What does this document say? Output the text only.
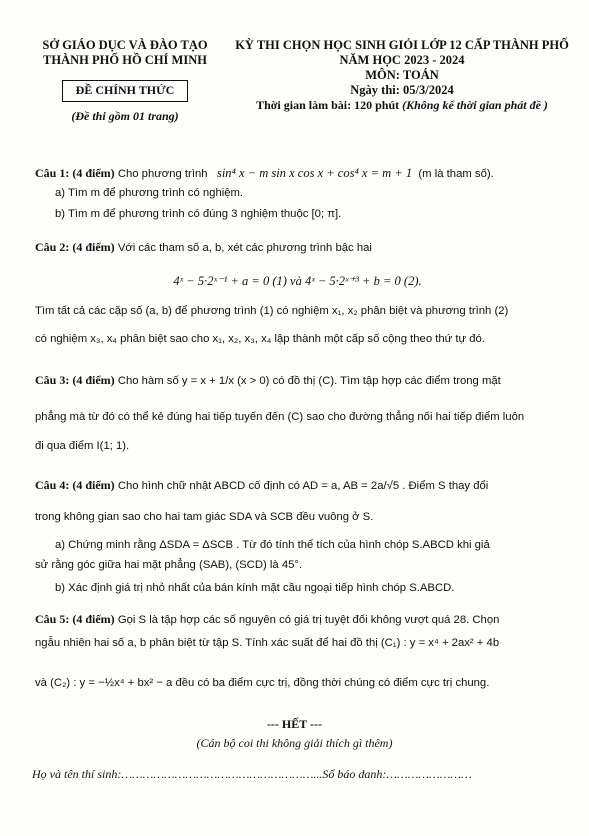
SỞ GIÁO DỤC VÀ ĐÀO TẠO
THÀNH PHỐ HỒ CHÍ MINH
ĐỀ CHÍNH THỨC
(Đề thi gồm 01 trang)
KỲ THI CHỌN HỌC SINH GIỎI LỚP 12 CẤP THÀNH PHỐ
NĂM HỌC 2023 - 2024
MÔN: TOÁN
Ngày thi: 05/3/2024
Thời gian làm bài: 120 phút (Không kể thời gian phát đề )
Câu 1: (4 điểm) Cho phương trình sin⁴ x − m sin x cos x + cos⁴ x = m + 1 (m là tham số).
a) Tìm m để phương trình có nghiệm.
b) Tìm m để phương trình có đúng 3 nghiệm thuộc [0; π].
Câu 2: (4 điểm) Với các tham số a, b, xét các phương trình bậc hai
4ˣ − 5·2ˣ⁻¹ + a = 0 (1) và 4ˣ − 5·2ˣ⁺³ + b = 0 (2).
Tìm tất cả các cặp số (a, b) để phương trình (1) có nghiệm x₁, x₂ phân biệt và phương trình (2)
có nghiệm x₃, x₄ phân biệt sao cho x₁, x₂, x₃, x₄ lập thành một cấp số cộng theo thứ tự đó.
Câu 3: (4 điểm) Cho hàm số y = x + 1/x (x > 0) có đồ thị (C). Tìm tập hợp các điểm trong mặt
phẳng mà từ đó có thể kẻ đúng hai tiếp tuyến đến (C) sao cho đường thẳng nối hai tiếp điểm luôn
đi qua điểm I(1; 1).
Câu 4: (4 điểm) Cho hình chữ nhật ABCD cố định có AD = a, AB = 2a/√5 . Điểm S thay đổi
trong không gian sao cho hai tam giác SDA và SCB đều vuông ở S.
a) Chứng minh rằng ΔSDA = ΔSCB . Từ đó tính thể tích của hình chóp S.ABCD khi giả
sử rằng góc giữa hai mặt phẳng (SAB), (SCD) là 45°.
b) Xác định giá trị nhỏ nhất của bán kính mặt cầu ngoại tiếp hình chóp S.ABCD.
Câu 5: (4 điểm) Gọi S là tập hợp các số nguyên có giá trị tuyệt đối không vượt quá 28. Chọn
ngẫu nhiên hai số a, b phân biệt từ tập S. Tính xác suất để hai đồ thị (C₁) : y = x⁴ + 2ax² + 4b
và (C₂) : y = −½x⁴ + bx² − a đều có ba điểm cực trị, đồng thời chúng có điểm cực trị chung.
--- HẾT ---
(Cán bộ coi thi không giải thích gì thêm)
Họ và tên thí sinh:………………………………………………...Số báo danh:……………………
